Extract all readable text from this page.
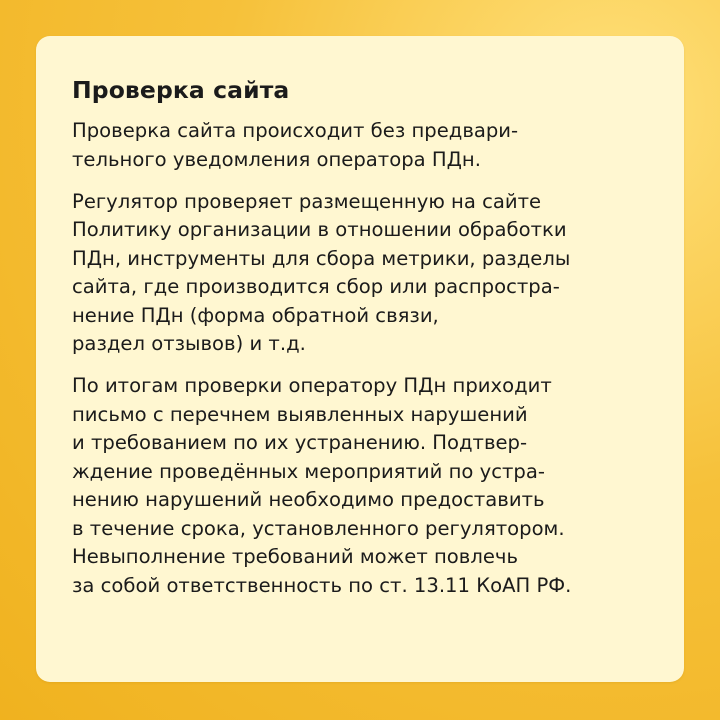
Проверка сайта

Проверка сайта происходит без предвари-
тельного уведомления оператора ПДн.

Регулятор проверяет размещенную на сайте
Политику организации в отношении обработки
ПДн, инструменты для сбора метрики, разделы
сайта, где производится сбор или распростра-
нение ПДн (форма обратной связи,
раздел отзывов) и т.д.

По итогам проверки оператору ПДн приходит
письмо с перечнем выявленных нарушений
и требованием по их устранению. Подтвер-
ждение проведённых мероприятий по устра-
нению нарушений необходимо предоставить
в течение срока, установленного регулятором.
Невыполнение требований может повлечь
за собой ответственность по ст. 13.11 КоАП РФ.
